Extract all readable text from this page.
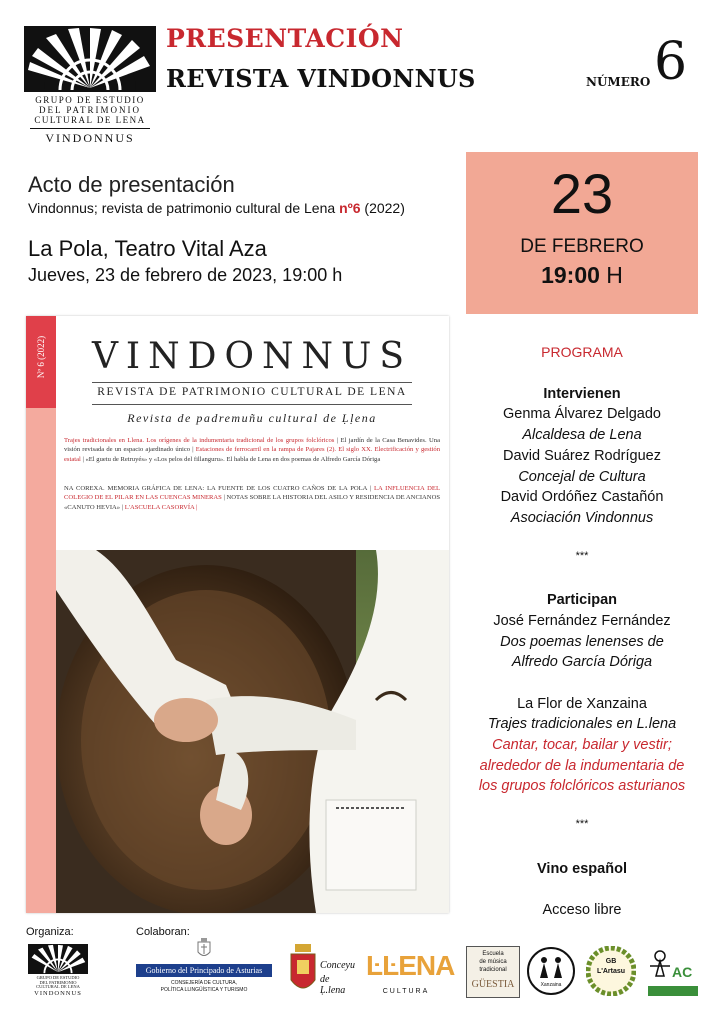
GRUPO DE ESTUDIO
DEL PATRIMONIO
CULTURAL DE LENA
VINDONNUS
PRESENTACIÓN
REVISTA VINDONNUS	NÚMERO 6
Acto de presentación
Vindonnus; revista de patrimonio cultural de Lena nº6 (2022)
La Pola, Teatro Vital Aza
Jueves, 23 de febrero de 2023, 19:00 h
23
DE FEBRERO
19:00 H
Nº 6 (2022)	VINDONNUS
REVISTA DE PATRIMONIO CULTURAL DE LENA
Revista de padremuñu cultural de Ḷḷena
Trajes tradicionales en Llena. Los orígenes de la indumentaria tradicional de los grupos folclóricos | El jardín de la Casa Benavides. Una visión revisada de un espacio ajardinado único | Estaciones de ferrocarril en la rampa de Pajares (2). El siglo XX. Electrificación y gestión estatal | «El guetu de Retruyés» y «Los pelos del fillanguru». El habla de Lena en dos poemas de Alfredo García Dóriga
NA COREXA. MEMORIA GRÁFICA DE LENA: LA FUENTE DE LOS CUATRO CAÑOS DE LA POLA | LA INFLUENCIA DEL COLEGIO DE EL PILAR EN LAS CUENCAS MINERAS | NOTAS SOBRE LA HISTORIA DEL ASILO Y RESIDENCIA DE ANCIANOS «CANUTO HEVIA» | L'ASCUELA CASORVÍA |
PROGRAMA
Intervienen
Genma Álvarez Delgado
Alcaldesa de Lena
David Suárez Rodríguez
Concejal de Cultura
David Ordóñez Castañón
Asociación Vindonnus
***
Participan
José Fernández Fernández
Dos poemas lenenses de
Alfredo García Dóriga
La Flor de Xanzaina
Trajes tradicionales en L.lena
Cantar, tocar, bailar y vestir;
alrededor de la indumentaria de
los grupos folclóricos asturianos
***
Vino español
Acceso libre
Organiza:	Colaboran:
GRUPO DE ESTUDIO
DEL PATRIMONIO
CULTURAL DE LENA
VINDONNUS
Gobierno del Principado de Asturias
CONSEJERÍA DE CULTURA,
POLÍTICA LLINGÜÍSTICA Y TURISMO
Conceyu
de Ḷ.lena
ĿĿENA
CULTURA
Escuela
de música
tradicional
GÜESTIA	Xanzaina
GB
L'Artasu	AC
